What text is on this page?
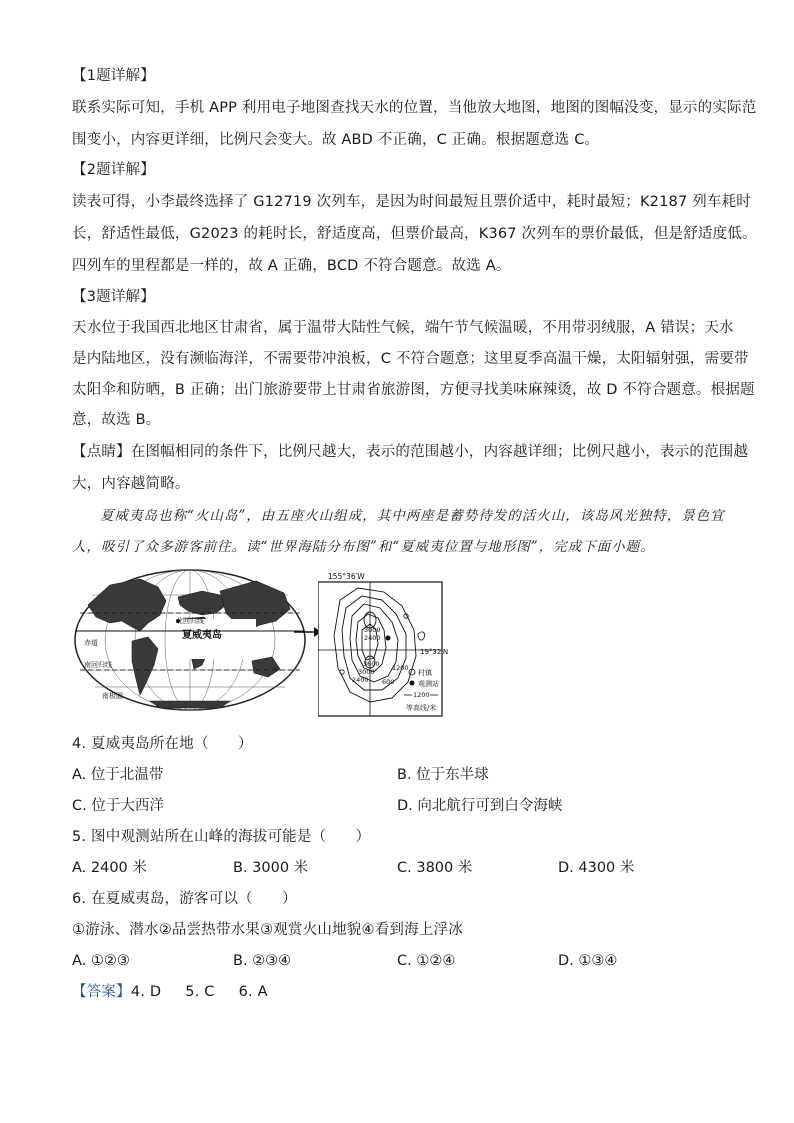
【1题详解】
联系实际可知，手机 APP 利用电子地图查找天水的位置，当他放大地图，地图的图幅没变，显示的实际范
围变小，内容更详细，比例尺会变大。故 ABD 不正确，C 正确。根据题意选 C。
【2题详解】
读表可得，小李最终选择了 G12719 次列车，是因为时间最短且票价适中，耗时最短；K2187 列车耗时
长，舒适性最低，G2023 的耗时长，舒适度高，但票价最高，K367 次列车的票价最低，但是舒适度低。
四列车的里程都是一样的，故 A 正确，BCD 不符合题意。故选 A。
【3题详解】
天水位于我国西北地区甘肃省，属于温带大陆性气候，端午节气候温暖，不用带羽绒服，A 错误；天水
是内陆地区，没有濒临海洋，不需要带冲浪板，C 不符合题意；这里夏季高温干燥，太阳辐射强，需要带
太阳伞和防晒，B 正确；出门旅游要带上甘肃省旅游图，方便寻找美味麻辣烫，故 D 不符合题意。根据题
意，故选 B。
【点睛】在图幅相同的条件下，比例尺越大，表示的范围越小，内容越详细；比例尺越小，表示的范围越
大，内容越简略。
夏威夷岛也称“火山岛”，由五座火山组成，其中两座是蓄势待发的活火山，该岛风光独特，景色宜
人，吸引了众多游客前往。读“世界海陆分布图”和“夏威夷位置与地形图”，完成下面小题。
北回归线
夏威夷岛
赤道
南回归线
南极圈
155°36′W
19°32′N
3000
2400
3600
3000
2400
1200
600
村镇
观测站
1200
等高线/米
4. 夏威夷岛所在地（　　）
A. 位于北温带	B. 位于东半球
C. 位于大西洋	D. 向北航行可到白令海峡
5. 图中观测站所在山峰的海拔可能是（　　）
A. 2400 米	B. 3000 米	C. 3800 米	D. 4300 米
6. 在夏威夷岛，游客可以（　　）
①游泳、潜水②品尝热带水果③观赏火山地貌④看到海上浮冰
A. ①②③	B. ②③④	C. ①②④	D. ①③④
【答案】4. D 5. C 6. A
